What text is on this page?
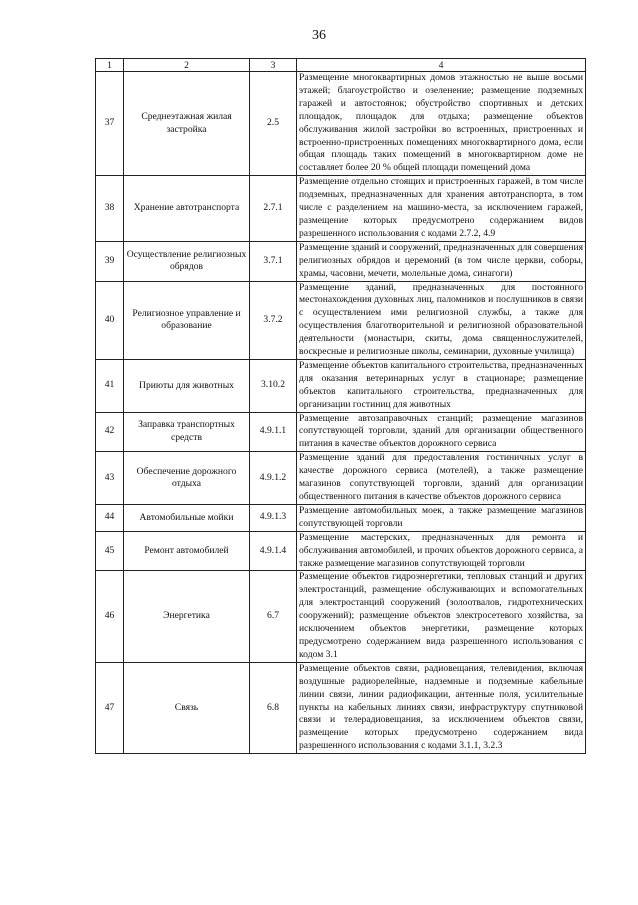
36
1	2	3	4
37	Среднеэтажная жилая застройка	2.5	Размещение многоквартирных домов этажностью не выше восьми этажей; благоустройство и озеленение; размещение подземных гаражей и автостоянок; обустройство спортивных и детских площадок, площадок для отдыха; размещение объектов обслуживания жилой застройки во встроенных, пристроенных и встроенно-пристроенных помещениях многоквартирного дома, если общая площадь таких помещений в многоквартирном доме не составляет более 20 % общей площади помещений дома
38	Хранение автотранспорта	2.7.1	Размещение отдельно стоящих и пристроенных гаражей, в том числе подземных, предназначенных для хранения автотранспорта, в том числе с разделением на машино-места, за исключением гаражей, размещение которых предусмотрено содержанием видов разрешенного использования с кодами 2.7.2, 4.9
39	Осуществление религиозных обрядов	3.7.1	Размещение зданий и сооружений, предназначенных для совершения религиозных обрядов и церемоний (в том числе церкви, соборы, храмы, часовни, мечети, молельные дома, синагоги)
40	Религиозное управление и образование	3.7.2	Размещение зданий, предназначенных для постоянного местонахождения духовных лиц, паломников и послушников в связи с осуществлением ими религиозной службы, а также для осуществления благотворительной и религиозной образовательной деятельности (монастыри, скиты, дома священнослужителей, воскресные и религиозные школы, семинарии, духовные училища)
41	Приюты для животных	3.10.2	Размещение объектов капитального строительства, предназначенных для оказания ветеринарных услуг в стационаре; размещение объектов капитального строительства, предназначенных для организации гостиниц для животных
42	Заправка транспортных средств	4.9.1.1	Размещение автозаправочных станций; размещение магазинов сопутствующей торговли, зданий для организации общественного питания в качестве объектов дорожного сервиса
43	Обеспечение дорожного отдыха	4.9.1.2	Размещение зданий для предоставления гостиничных услуг в качестве дорожного сервиса (мотелей), а также размещение магазинов сопутствующей торговли, зданий для организации общественного питания в качестве объектов дорожного сервиса
44	Автомобильные мойки	4.9.1.3	Размещение автомобильных моек, а также размещение магазинов сопутствующей торговли
45	Ремонт автомобилей	4.9.1.4	Размещение мастерских, предназначенных для ремонта и обслуживания автомобилей, и прочих объектов дорожного сервиса, а также размещение магазинов сопутствующей торговли
46	Энергетика	6.7	Размещение объектов гидроэнергетики, тепловых станций и других электростанций, размещение обслуживающих и вспомогательных для электростанций сооружений (золоотвалов, гидротехнических сооружений); размещение объектов электросетевого хозяйства, за исключением объектов энергетики, размещение которых предусмотрено содержанием вида разрешенного использования с кодом 3.1
47	Связь	6.8	Размещение объектов связи, радиовещания, телевидения, включая воздушные радиорелейные, надземные и подземные кабельные линии связи, линии радиофикации, антенные поля, усилительные пункты на кабельных линиях связи, инфраструктуру спутниковой связи и телерадиовещания, за исключением объектов связи, размещение которых предусмотрено содержанием вида разрешенного использования с кодами 3.1.1, 3.2.3
